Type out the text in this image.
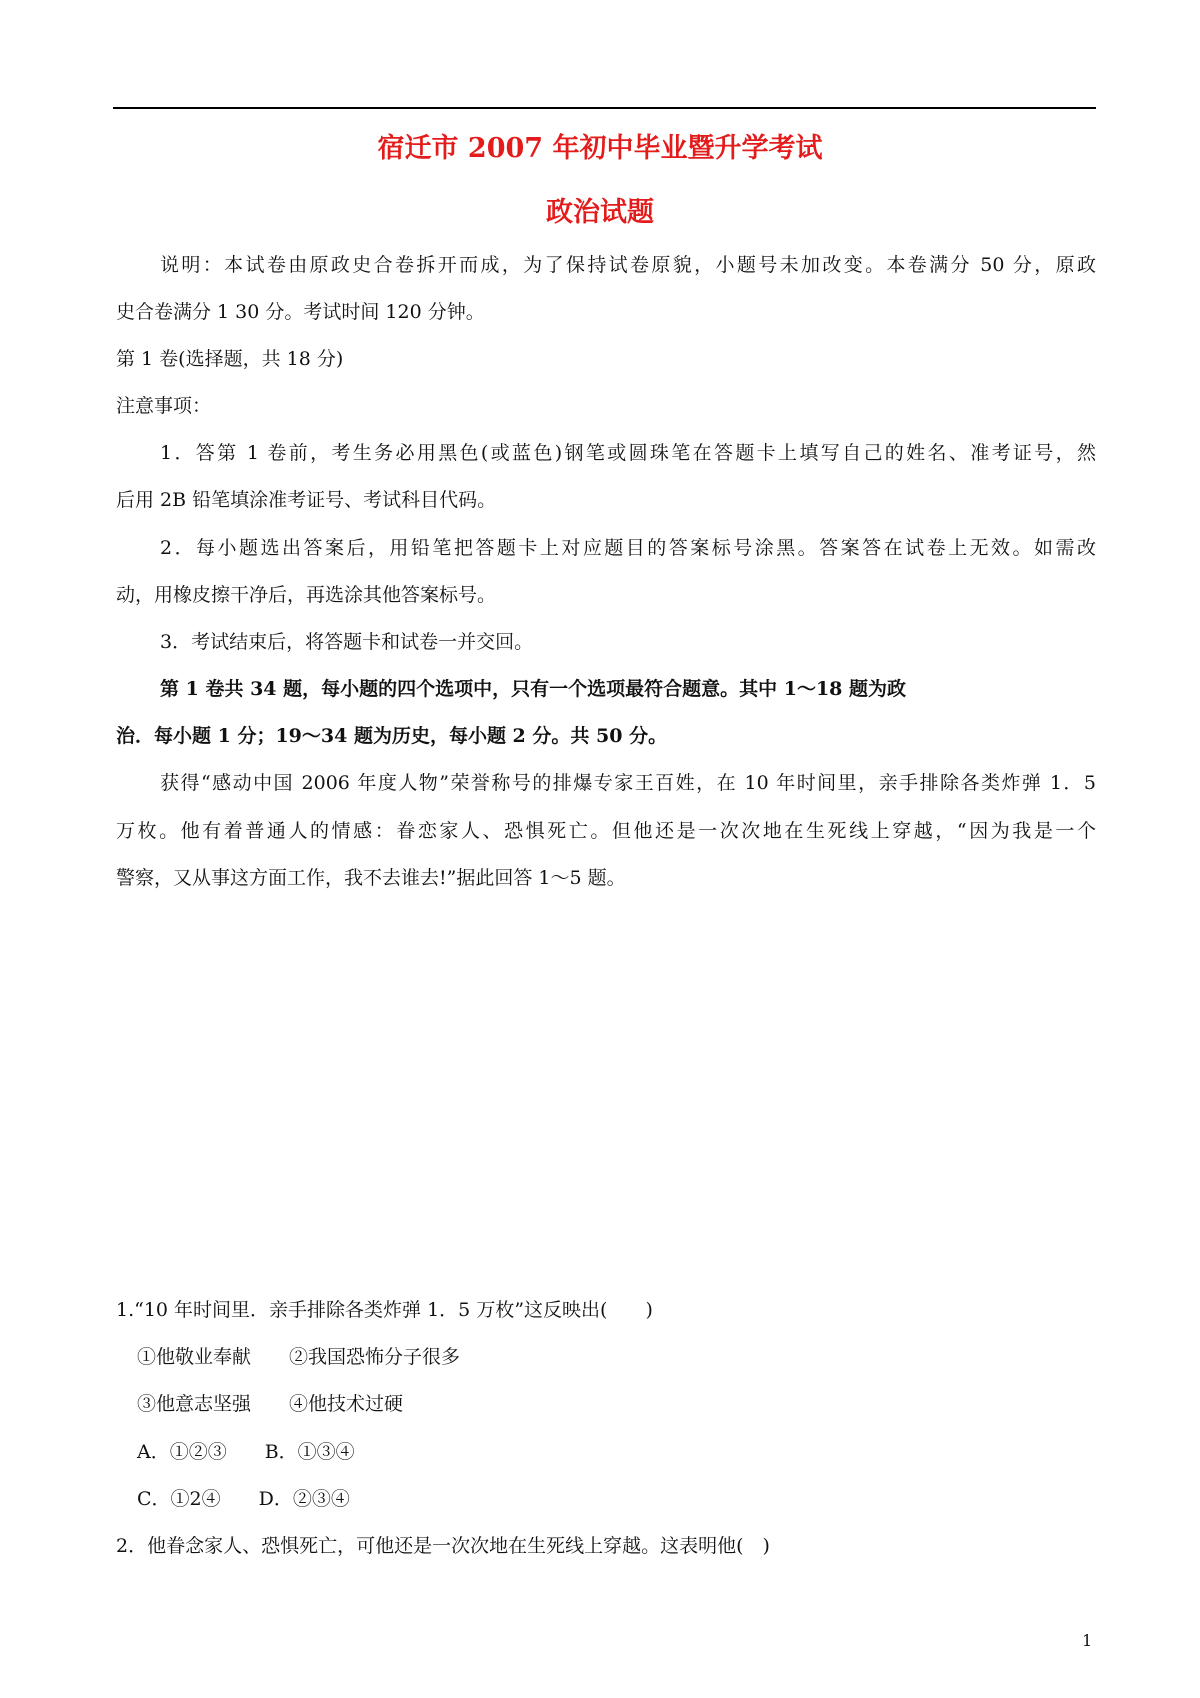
宿迁市 2007 年初中毕业暨升学考试
政治试题
说明：本试卷由原政史合卷拆开而成，为了保持试卷原貌，小题号未加改变。本卷满分 50 分，原政
史合卷满分 1 30 分。考试时间 120 分钟。
第 1 卷(选择题，共 18 分)
注意事项：
1．答第 1 卷前，考生务必用黑色(或蓝色)钢笔或圆珠笔在答题卡上填写自己的姓名、准考证号，然
后用 2B 铅笔填涂准考证号、考试科目代码。
2．每小题选出答案后，用铅笔把答题卡上对应题目的答案标号涂黑。答案答在试卷上无效。如需改
动，用橡皮擦干净后，再选涂其他答案标号。
3．考试结束后，将答题卡和试卷一并交回。
第 1 卷共 34 题，每小题的四个选项中，只有一个选项最符合题意。其中 1～18 题为政
治．每小题 1 分；19～34 题为历史，每小题 2 分。共 50 分。
获得“感动中国 2006 年度人物”荣誉称号的排爆专家王百姓，在 10 年时间里，亲手排除各类炸弹 1．5
万枚。他有着普通人的情感：眷恋家人、恐惧死亡。但他还是一次次地在生死线上穿越，“因为我是一个
警察，又从事这方面工作，我不去谁去!”据此回答 1～5 题。
1.“10 年时间里．亲手排除各类炸弹 1．5 万枚”这反映出(　　)
①他敬业奉献　　②我国恐怖分子很多
③他意志坚强　　④他技术过硬
A．①②③　　B．①③④
C．①2④　　D．②③④
2．他眷念家人、恐惧死亡，可他还是一次次地在生死线上穿越。这表明他(　)
1
